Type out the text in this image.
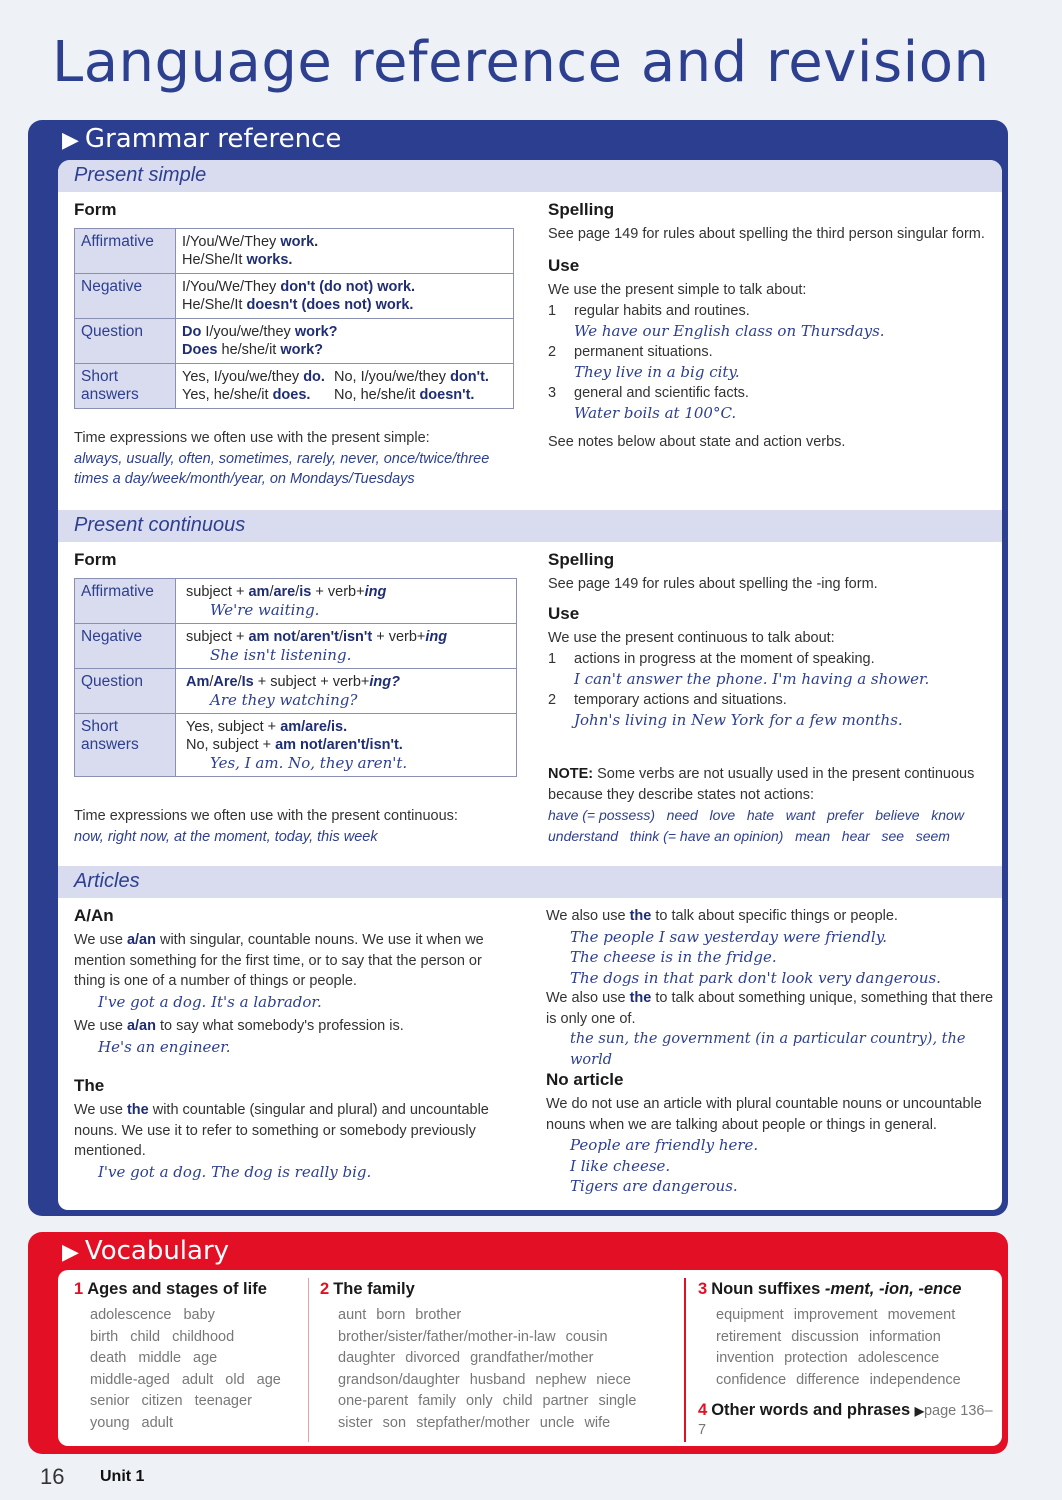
Language reference and revision
▶ Grammar reference
Present simple
Form
Affirmative	I/You/We/They work.
He/She/It works.
Negative	I/You/We/They don't (do not) work.
He/She/It doesn't (does not) work.
Question	Do I/you/we/they work?
Does he/she/it work?
Short answers	Yes, I/you/we/they do. No, I/you/we/they don't.
Yes, he/she/it does. No, he/she/it doesn't.
Time expressions we often use with the present simple:
always, usually, often, sometimes, rarely, never, once/twice/three times a day/week/month/year, on Mondays/Tuesdays
Spelling
See page 149 for rules about spelling the third person singular form.
Use
We use the present simple to talk about:
1 regular habits and routines.
We have our English class on Thursdays.
2 permanent situations.
They live in a big city.
3 general and scientific facts.
Water boils at 100°C.
See notes below about state and action verbs.
Present continuous
Form
Affirmative	subject + am/are/is + verb+ing
We're waiting.

Negative	subject + am not/aren't/isn't + verb+ing
She isn't listening.

Question	Am/Are/Is + subject + verb+ing?
Are they watching?

Short answers	Yes, subject + am/are/is.
No, subject + am not/aren't/isn't.
Yes, I am. No, they aren't.
Time expressions we often use with the present continuous:
now, right now, at the moment, today, this week
Spelling
See page 149 for rules about spelling the -ing form.
Use
We use the present continuous to talk about:
1 actions in progress at the moment of speaking.
I can't answer the phone. I'm having a shower.
2 temporary actions and situations.
John's living in New York for a few months.
NOTE: Some verbs are not usually used in the present continuous because they describe states not actions:
have (= possess)   need   love   hate   want   prefer   believe   know
understand   think (= have an opinion)   mean   hear   see   seem
Articles
A/An
We use a/an with singular, countable nouns. We use it when we mention something for the first time, or to say that the person or thing is one of a number of things or people.
I've got a dog. It's a labrador.
We use a/an to say what somebody's profession is.
He's an engineer.
The
We use the with countable (singular and plural) and uncountable nouns. We use it to refer to something or somebody previously mentioned.
I've got a dog. The dog is really big.
We also use the to talk about specific things or people.
The people I saw yesterday were friendly.
The cheese is in the fridge.
The dogs in that park don't look very dangerous.
We also use the to talk about something unique, something that there is only one of.
the sun, the government (in a particular country), the world
No article
We do not use an article with plural countable nouns or uncountable nouns when we are talking about people or things in general.
People are friendly here.
I like cheese.
Tigers are dangerous.
▶ Vocabulary
1 Ages and stages of life
adolescence baby
birth child childhood
death middle age
middle-aged adult old age
senior citizen teenager
young adult
2 The family
aunt born brother
brother/sister/father/mother-in-law cousin
daughter divorced grandfather/mother
grandson/daughter husband nephew niece
one-parent family only child partner single
sister son stepfather/mother uncle wife
3 Noun suffixes -ment, -ion, -ence
equipment improvement movement
retirement discussion information
invention protection adolescence
confidence difference independence
4 Other words and phrases ▶page 136–7
16 Unit 1
